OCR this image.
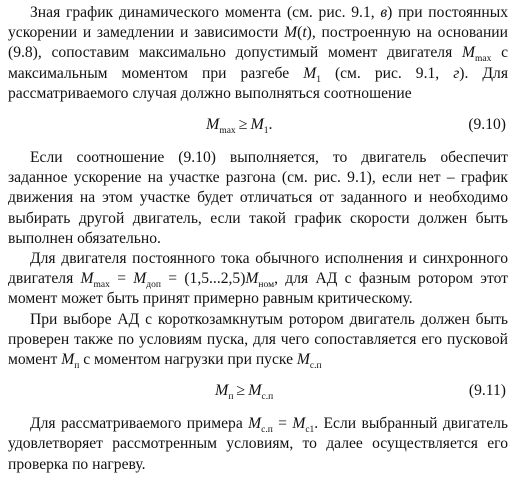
Зная график динамического момента (см. рис. 9.1, в) при постоянных ускорении и замедлении и зависимости M(t), построенную на основании (9.8), сопоставим максимально допустимый момент двигателя $M_{max}$ с максимальным моментом при разгебе $M_1$ (см. рис. 9.1, г). Для рассматриваемого случая должно выполняться соотношение

$M_{max} \ge M_1$.	(9.10)

Если соотношение (9.10) выполняется, то двигатель обеспечит заданное ускорение на участке разгона (см. рис. 9.1), если нет – график движения на этом участке будет отличаться от заданного и необходимо выбирать другой двигатель, если такой график скорости должен быть выполнен обязательно.

Для двигателя постоянного тока обычного исполнения и синхронного двигателя $M_{max} = M_{доп} = (1,5...2,5)M_{ном}$, для АД с фазным ротором этот момент может быть принят примерно равным критическому.

При выборе АД с короткозамкнутым ротором двигатель должен быть проверен также по условиям пуска, для чего сопоставляется его пусковой момент $M_п$ с моментом нагрузки при пуске $M_{с.п}$

$M_п \ge M_{с.п}$	(9.11)

Для рассматриваемого примера $M_{с.п} = M_{с1}$. Если выбранный двигатель удовлетворяет рассмотренным условиям, то далее осуществляется его проверка по нагреву.
